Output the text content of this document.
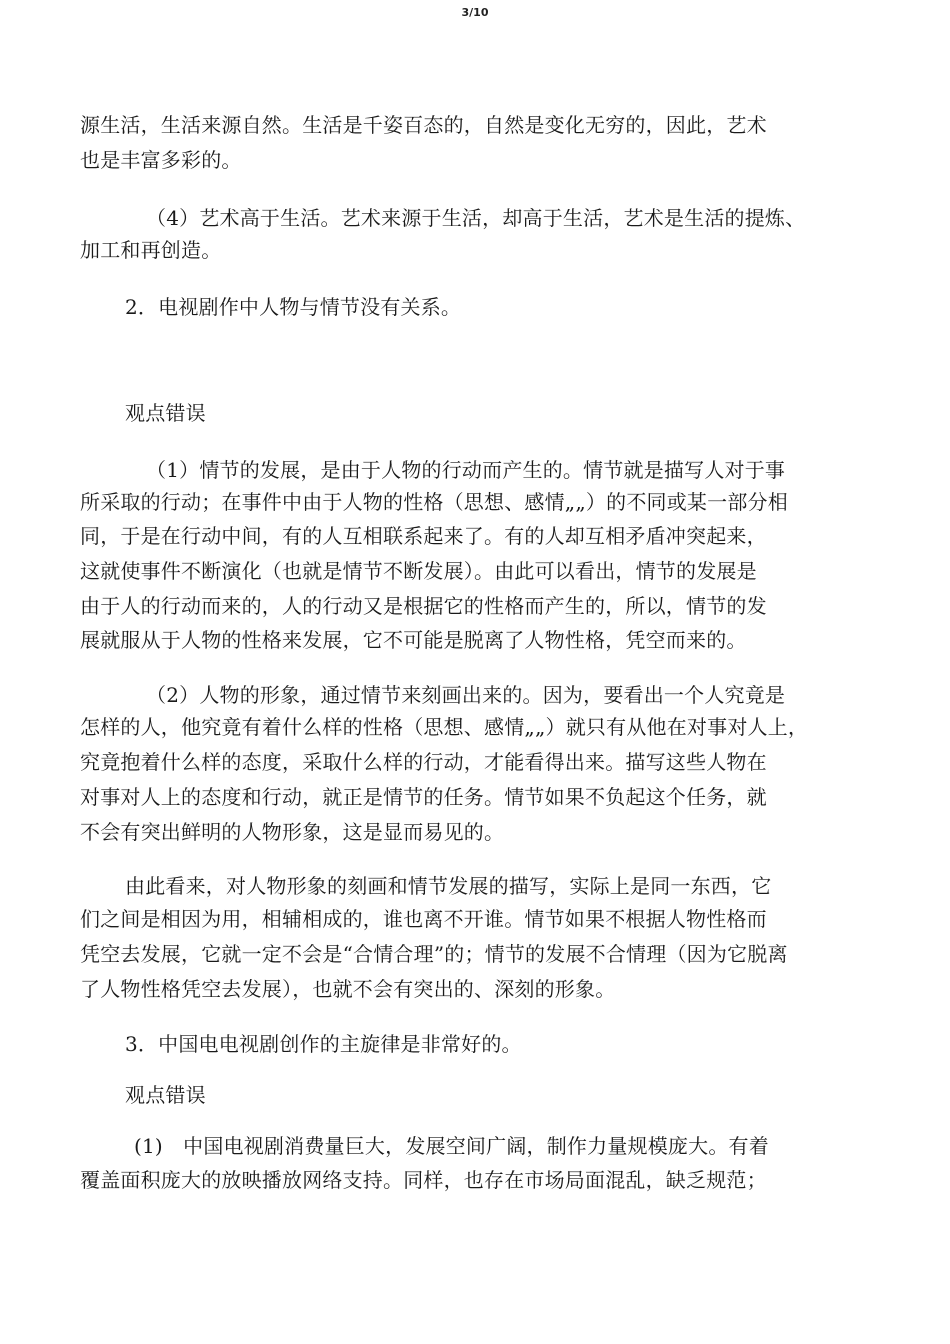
3/10
源生活，生活来源自然。生活是千姿百态的，自然是变化无穷的，因此，艺术
也是丰富多彩的。
（4）艺术高于生活。艺术来源于生活，却高于生活，艺术是生活的提炼、
加工和再创造。
2．电视剧作中人物与情节没有关系。
观点错误
（1）情节的发展，是由于人物的行动而产生的。情节就是描写人对于事
所采取的行动；在事件中由于人物的性格（思想、感情„„）的不同或某一部分相
同，于是在行动中间，有的人互相联系起来了。有的人却互相矛盾冲突起来，
这就使事件不断演化（也就是情节不断发展）。由此可以看出，情节的发展是
由于人的行动而来的，人的行动又是根据它的性格而产生的，所以，情节的发
展就服从于人物的性格来发展，它不可能是脱离了人物性格，凭空而来的。
（2）人物的形象，通过情节来刻画出来的。因为，要看出一个人究竟是
怎样的人，他究竟有着什么样的性格（思想、感情„„）就只有从他在对事对人上，
究竟抱着什么样的态度，采取什么样的行动，才能看得出来。描写这些人物在
对事对人上的态度和行动，就正是情节的任务。情节如果不负起这个任务，就
不会有突出鲜明的人物形象，这是显而易见的。
由此看来，对人物形象的刻画和情节发展的描写，实际上是同一东西，它
们之间是相因为用，相辅相成的，谁也离不开谁。情节如果不根据人物性格而
凭空去发展，它就一定不会是“合情合理”的；情节的发展不合情理（因为它脱离
了人物性格凭空去发展），也就不会有突出的、深刻的形象。
3．中国电电视剧创作的主旋律是非常好的。
观点错误
(1)　中国电视剧消费量巨大，发展空间广阔，制作力量规模庞大。有着
覆盖面积庞大的放映播放网络支持。同样，也存在市场局面混乱，缺乏规范；
